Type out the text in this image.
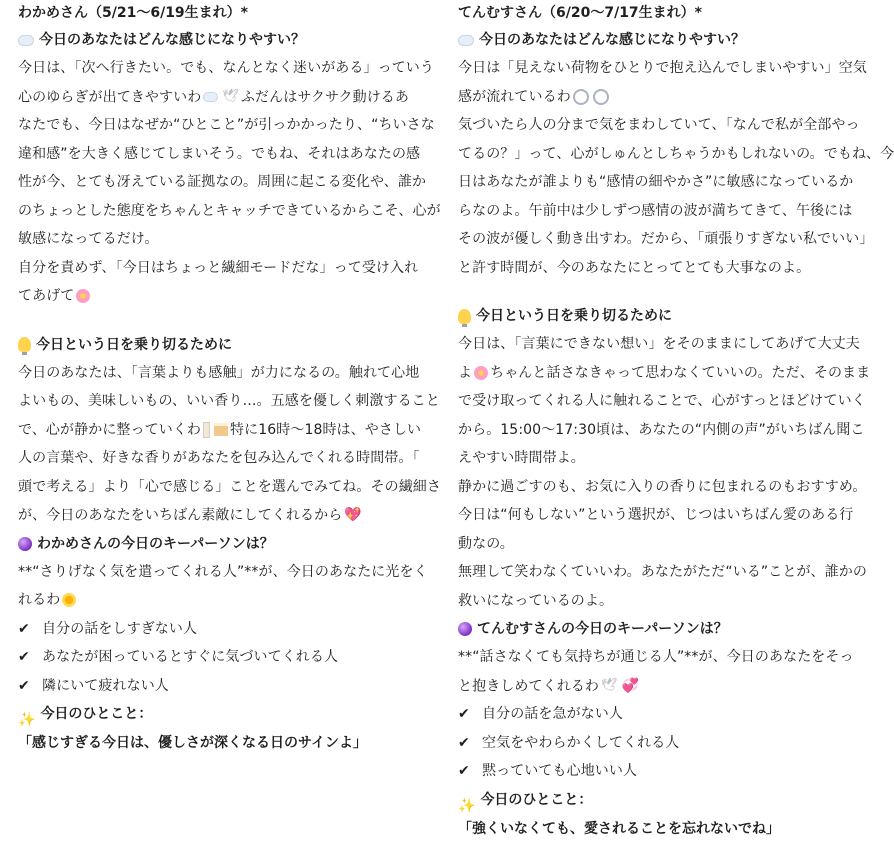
わかめさん（5/21〜6/19生まれ）*
今日のあなたはどんな感じになりやすい？
今日は、「次へ行きたい。でも、なんとなく迷いがある」っていう
心のゆらぎが出てきやすいわ 🕊 ふだんはサクサク動けるあ
なたでも、今日はなぜか“ひとこと”が引っかかったり、“ちいさな
違和感”を大きく感じてしまいそう。でもね、それはあなたの感
性が今、とても冴えている証拠なの。周囲に起こる変化や、誰か
のちょっとした態度をちゃんとキャッチできているからこそ、心が
敏感になってるだけ。
自分を責めず、「今日はちょっと繊細モードだな」って受け入れ
てあげて
今日という日を乗り切るために
今日のあなたは、「言葉よりも感触」が力になるの。触れて心地
よいもの、美味しいもの、いい香り…。五感を優しく刺激すること
で、心が静かに整っていくわ 特に16時〜18時は、やさしい
人の言葉や、好きな香りがあなたを包み込んでくれる時間帯。「
頭で考える」より「心で感じる」ことを選んでみてね。その繊細さ
が、今日のあなたをいちばん素敵にしてくれるから 💖
わかめさんの今日のキーパーソンは？
**“さりげなく気を遣ってくれる人”**が、今日のあなたに光をく
れるわ
✔ 自分の話をしすぎない人
✔ あなたが困っているとすぐに気づいてくれる人
✔ 隣にいて疲れない人
✨ 今日のひとこと：
「感じすぎる今日は、優しさが深くなる日のサインよ」
てんむすさん（6/20〜7/17生まれ）*
今日のあなたはどんな感じになりやすい？
今日は「見えない荷物をひとりで抱え込んでしまいやすい」空気
感が流れているわ
気づいたら人の分まで気をまわしていて、「なんで私が全部やっ
てるの？」って、心がしゅんとしちゃうかもしれないの。でもね、今
日はあなたが誰よりも“感情の細やかさ”に敏感になっているか
らなのよ。午前中は少しずつ感情の波が満ちてきて、午後には
その波が優しく動き出すわ。だから、「頑張りすぎない私でいい」
と許す時間が、今のあなたにとってとても大事なのよ。
今日という日を乗り切るために
今日は、「言葉にできない想い」をそのままにしてあげて大丈夫
よ ちゃんと話さなきゃって思わなくていいの。ただ、そのまま
で受け取ってくれる人に触れることで、心がすっとほどけていく
から。15:00〜17:30頃は、あなたの“内側の声”がいちばん聞こ
えやすい時間帯よ。
静かに過ごすのも、お気に入りの香りに包まれるのもおすすめ。
今日は“何もしない”という選択が、じつはいちばん愛のある行
動なの。
無理して笑わなくていいわ。あなたがただ“いる”ことが、誰かの
救いになっているのよ。
てんむすさんの今日のキーパーソンは？
**“話さなくても気持ちが通じる人”**が、今日のあなたをそっ
と抱きしめてくれるわ 🕊 💞
✔ 自分の話を急がない人
✔ 空気をやわらかくしてくれる人
✔ 黙っていても心地いい人
✨ 今日のひとこと：
「強くいなくても、愛されることを忘れないでね」
